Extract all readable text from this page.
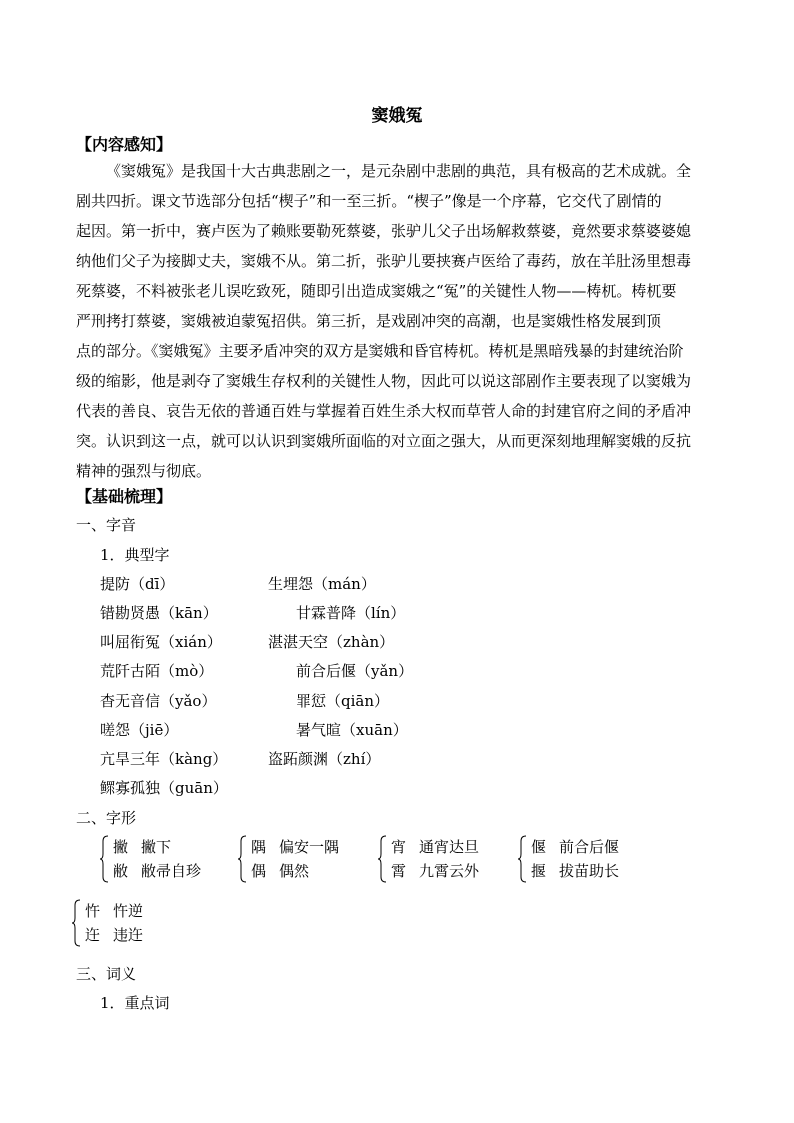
窦娥冤
【内容感知】
《窦娥冤》是我国十大古典悲剧之一，是元杂剧中悲剧的典范，具有极高的艺术成就。全
剧共四折。课文节选部分包括“楔子”和一至三折。“楔子”像是一个序幕，它交代了剧情的
起因。第一折中，赛卢医为了赖账要勒死蔡婆，张驴儿父子出场解救蔡婆，竟然要求蔡婆婆媳
纳他们父子为接脚丈夫，窦娥不从。第二折，张驴儿要挟赛卢医给了毒药，放在羊肚汤里想毒
死蔡婆，不料被张老儿误吃致死，随即引出造成窦娥之“冤”的关键性人物——梼杌。梼杌要
严刑拷打蔡婆，窦娥被迫蒙冤招供。第三折，是戏剧冲突的高潮，也是窦娥性格发展到顶
点的部分。《窦娥冤》主要矛盾冲突的双方是窦娥和昏官梼杌。梼杌是黑暗残暴的封建统治阶
级的缩影，他是剥夺了窦娥生存权利的关键性人物，因此可以说这部剧作主要表现了以窦娥为
代表的善良、哀告无依的普通百姓与掌握着百姓生杀大权而草菅人命的封建官府之间的矛盾冲
突。认识到这一点，就可以认识到窦娥所面临的对立面之强大，从而更深刻地理解窦娥的反抗
精神的强烈与彻底。
【基础梳理】
一、字音
1．典型字
提防（dī）	生埋怨（mán）
错勘贤愚（kān）	甘霖普降（lín）
叫屈衔冤（xián）	湛湛天空（zhàn）
荒阡古陌（mò）	前合后偃（yǎn）
杳无音信（yǎo）	罪愆（qiān）
嗟怨（jiē）	暑气暄（xuān）
亢旱三年（kàng）	盗跖颜渊（zhí）
鳏寡孤独（guān）
二、字形
撇 撇下
敝 敝帚自珍
隅 偏安一隅
偶 偶然
宵 通宵达旦
霄 九霄云外
偃 前合后偃
揠 拔苗助长
忤 忤逆
迕 违迕
三、词义
1．重点词
